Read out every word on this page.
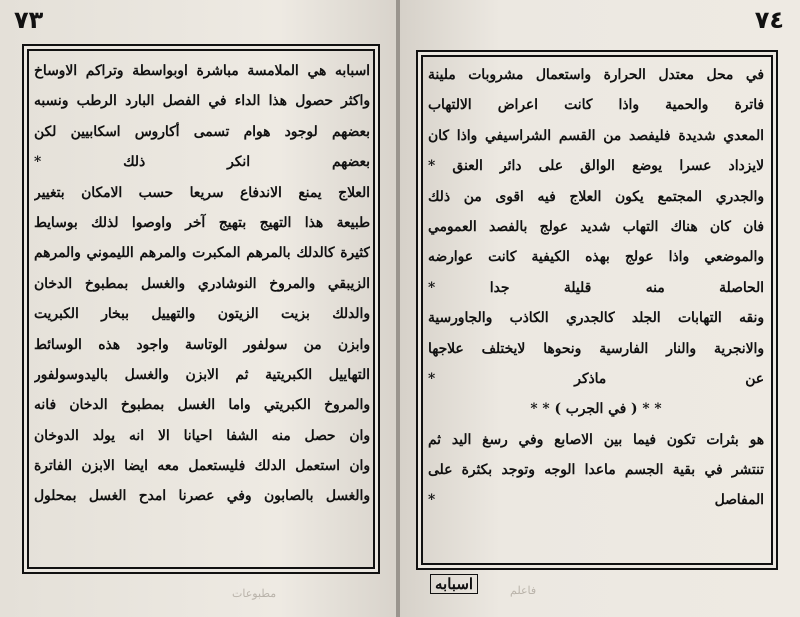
٧٣
اسبابه هي الملامسة مباشرة اوبواسطة وتراكم الاوساخ
واكثر حصول هذا الداء في الفصل البارد الرطب ونسبه
بعضهم لوجود هوام تسمى أكاروس اسكابيين لكن
بعضهم انكر ذلك *
العلاج يمنع الاندفاع سريعا حسب الامكان بتغيير
طبيعة هذا التهيج بتهيج آخر واوصوا لذلك بوسايط
كثيرة كالدلك بالمرهم المكبرت والمرهم الليموني والمرهم
الزيبقي والمروخ النوشادري والغسل بمطبوخ الدخان
والدلك بزيت الزيتون والتهييل ببخار الكبريت
وابزن من سولفور الوتاسة واجود هذه الوسائط
التهاييل الكبريتية ثم الابزن والغسل باليدوسولفور
والمروخ الكبريتي واما الغسل بمطبوخ الدخان فانه
وان حصل منه الشفا احيانا الا انه يولد الدوخان
وان استعمل الدلك فليستعمل معه ايضا الابزن الفاترة
والغسل بالصابون وفي عصرنا امدح الغسل بمحلول
مطبوعات
٧٤
في محل معتدل الحرارة واستعمال مشروبات ملينة
فاترة والحمية واذا كانت اعراض الالتهاب
المعدي شديدة فليفصد من القسم الشراسيفي واذا كان
لايزداد عسرا يوضع الوالق على دائر العنق *
والجدري المجتمع يكون العلاج فيه اقوى من ذلك
فان كان هناك التهاب شديد عولج بالفصد العمومي
والموضعي واذا عولج بهذه الكيفية كانت عوارضه
الحاصلة منه قليلة جدا *
ونقه التهابات الجلد كالجدري الكاذب والجاورسية
والانجرية والنار الفارسية ونحوها لايختلف علاجها
عن ماذكر *
* * ( في الجرب ) * *
هو بثرات تكون فيما بين الاصابع وفي رسغ اليد ثم
تنتشر في بقية الجسم ماعدا الوجه وتوجد بكثرة على
المفاصل *
اسبابه	فاعلم
